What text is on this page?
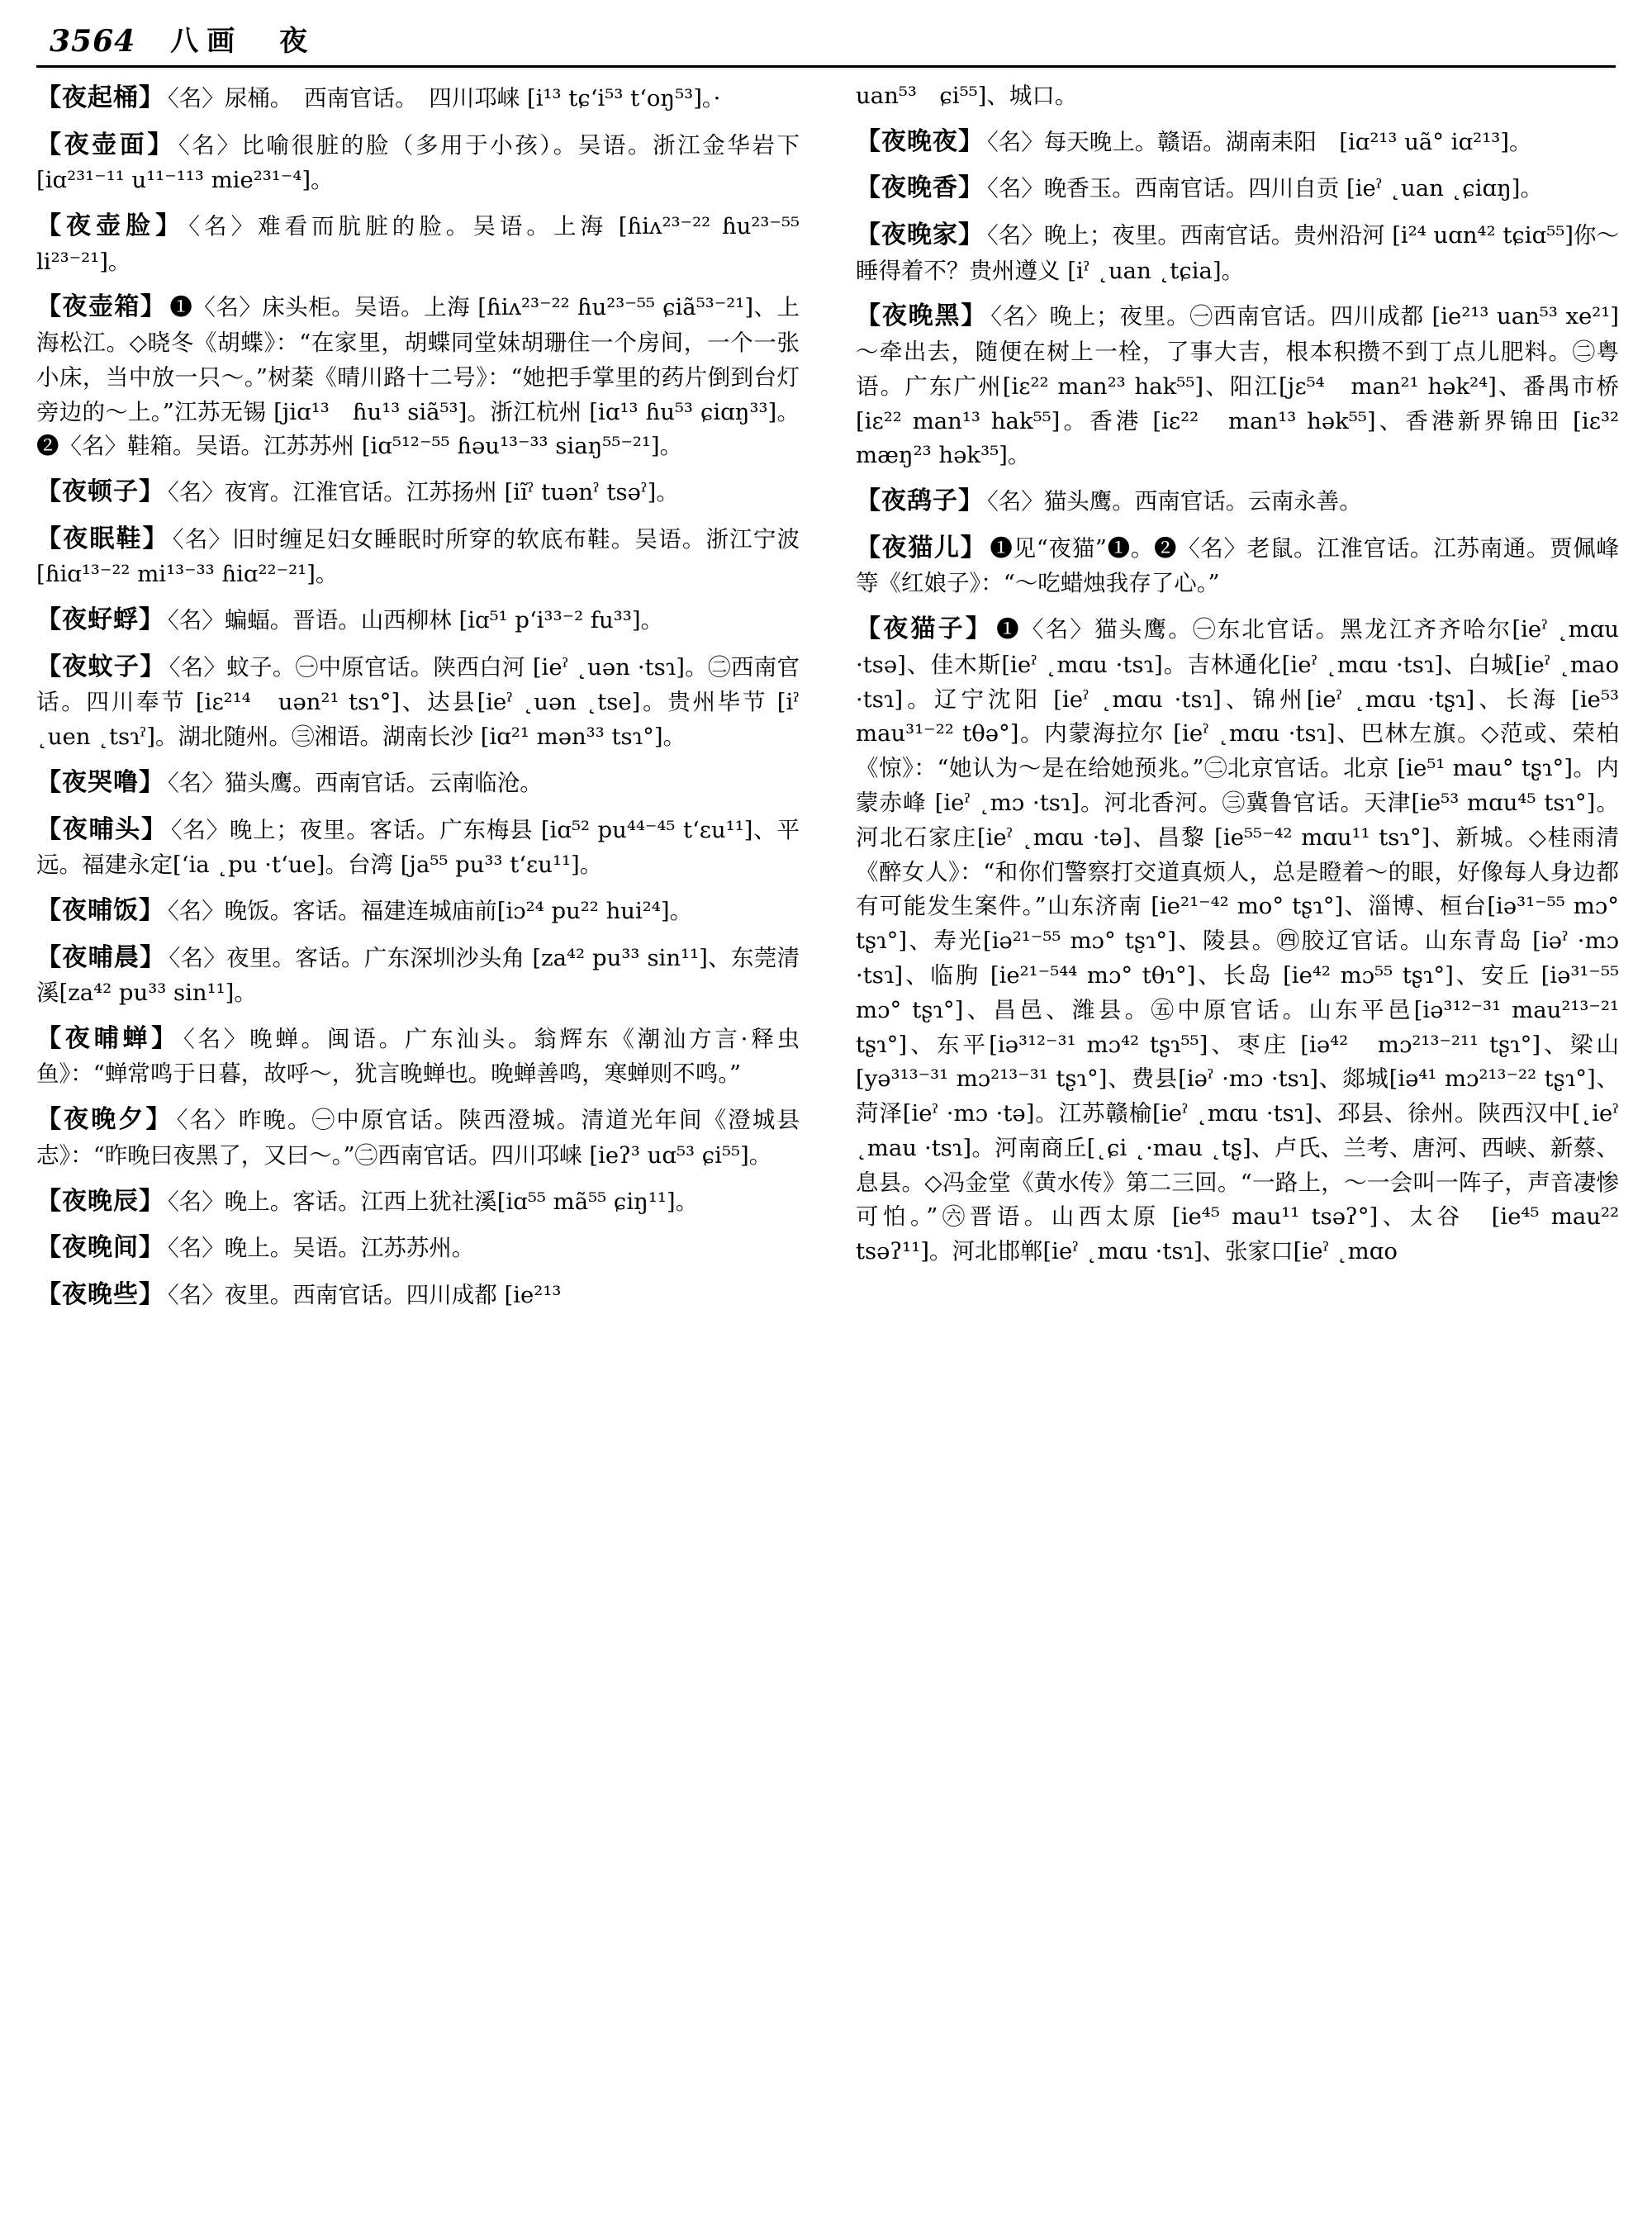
3564 八画　夜
【夜起桶】 〈名〉尿桶。　西南官话。　四川邛崃 [i¹³ tɕ‘i⁵³ t‘oŋ⁵³]。·
【夜壶面】 〈名〉比喻很脏的脸（多用于小孩）。吴语。浙江金华岩下 [iɑ²³¹⁻¹¹ u¹¹⁻¹¹³ mie²³¹⁻⁴]。
【夜壶脸】 〈名〉难看而肮脏的脸。吴语。上海 [ɦiʌ²³⁻²² ɦu²³⁻⁵⁵ li²³⁻²¹]。
【夜壶箱】 ❶〈名〉床头柜。吴语。上海 [ɦiʌ²³⁻²² ɦu²³⁻⁵⁵ ɕiã⁵³⁻²¹]、上海松江。◇晓冬《胡蝶》：“在家里，胡蝶同堂妹胡珊住一个房间，一个一张小床，当中放一只～。”树棻《晴川路十二号》：“她把手掌里的药片倒到台灯旁边的～上。”江苏无锡 [jiɑ¹³　ɦu¹³ siã⁵³]。浙江杭州 [iɑ¹³ ɦu⁵³ ɕiɑŋ³³]。❷〈名〉鞋箱。吴语。江苏苏州 [iɑ⁵¹²⁻⁵⁵ ɦəu¹³⁻³³ siaŋ⁵⁵⁻²¹]。
【夜顿子】 〈名〉夜宵。江淮官话。江苏扬州 [iĩˀ tuənˀ tsəˀ]。
【夜眠鞋】 〈名〉旧时缠足妇女睡眠时所穿的软底布鞋。吴语。浙江宁波 [ɦiɑ¹³⁻²² mi¹³⁻³³ ɦiɑ²²⁻²¹]。
【夜虸蜉】 〈名〉蝙蝠。晋语。山西柳林 [iɑ⁵¹ p‘i³³⁻² fu³³]。
【夜蚊子】 〈名〉蚊子。㊀中原官话。陕西白河 [ieˀ ˛uən ·tsɿ]。㊁西南官话。四川奉节 [iɛ²¹⁴　uən²¹ tsɿ°]、达县[ieˀ ˛uən ˛tse]。贵州毕节 [iˀ ˛uen ˛tsɿˀ]。湖北随州。㊂湘语。湖南长沙 [iɑ²¹ mən³³ tsɿ°]。
【夜哭噜】 〈名〉猫头鹰。西南官话。云南临沧。
【夜晡头】 〈名〉晚上；夜里。客话。广东梅县 [iɑ⁵² pu⁴⁴⁻⁴⁵ t‘ɛu¹¹]、平远。福建永定[‘ia ˛pu ·t‘ue]。台湾 [ja⁵⁵ pu³³ t‘ɛu¹¹]。
【夜晡饭】 〈名〉晚饭。客话。福建连城庙前[iɔ²⁴ pu²² hui²⁴]。
【夜晡晨】 〈名〉夜里。客话。广东深圳沙头角 [za⁴² pu³³ sin¹¹]、东莞清溪[za⁴² pu³³ sin¹¹]。
【夜晡蝉】 〈名〉晚蝉。闽语。广东汕头。翁辉东《潮汕方言·释虫鱼》：“蝉常鸣于日暮，故呼～，犹言晚蝉也。晚蝉善鸣，寒蝉则不鸣。”
【夜晚夕】 〈名〉昨晚。㊀中原官话。陕西澄城。清道光年间《澄城县志》：“昨晚曰夜黑了，又曰～。”㊁西南官话。四川邛崃 [ieʔ³ uɑ⁵³ ɕi⁵⁵]。
【夜晚辰】 〈名〉晚上。客话。江西上犹社溪[iɑ⁵⁵ mã⁵⁵ ɕiŋ¹¹]。
【夜晚间】 〈名〉晚上。吴语。江苏苏州。
【夜晚些】 〈名〉夜里。西南官话。四川成都 [ie²¹³
uan⁵³　ɕi⁵⁵]、城口。
【夜晚夜】 〈名〉每天晚上。赣语。湖南耒阳　[iɑ²¹³ uã° iɑ²¹³]。
【夜晚香】 〈名〉晚香玉。西南官话。四川自贡 [ieˀ ˛uan ˛ɕiɑŋ]。
【夜晚家】 〈名〉晚上；夜里。西南官话。贵州沿河 [i²⁴ uɑn⁴² tɕiɑ⁵⁵]你～睡得着不？贵州遵义 [iˀ ˛uan ˛tɕia]。
【夜晚黑】 〈名〉晚上；夜里。㊀西南官话。四川成都 [ie²¹³ uan⁵³ xe²¹]～牵出去，随便在树上一栓，了事大吉，根本积攒不到丁点儿肥料。㊁粤语。广东广州[iɛ²² man²³ hak⁵⁵]、阳江[jɛ⁵⁴　man²¹ hək²⁴]、番禺市桥[iɛ²² man¹³ hak⁵⁵]。香港 [iɛ²²　man¹³ hək⁵⁵]、香港新界锦田 [iɛ³² mæŋ²³ hək³⁵]。
【夜鸹子】 〈名〉猫头鹰。西南官话。云南永善。
【夜猫儿】 ❶见“夜猫”❶。❷〈名〉老鼠。江淮官话。江苏南通。贾佩峰等《红娘子》：“～吃蜡烛我存了心。”
【夜猫子】 ❶〈名〉猫头鹰。㊀东北官话。黑龙江齐齐哈尔[ieˀ ˛mɑu ·tsə]、佳木斯[ieˀ ˛mɑu ·tsɿ]。吉林通化[ieˀ ˛mɑu ·tsɿ]、白城[ieˀ ˛mao ·tsɿ]。辽宁沈阳 [ieˀ ˛mɑu ·tsɿ]、锦州[ieˀ ˛mɑu ·tʂɿ]、长海 [ie⁵³ mau³¹⁻²² tθə°]。内蒙海拉尔 [ieˀ ˛mɑu ·tsɿ]、巴林左旗。◇范或、荣柏《惊》：“她认为～是在给她预兆。”㊁北京官话。北京 [ie⁵¹ mau° tʂɿ°]。内蒙赤峰 [ieˀ ˛mɔ ·tsɿ]。河北香河。㊂冀鲁官话。天津[ie⁵³ mɑu⁴⁵ tsɿ°]。河北石家庄[ieˀ ˛mɑu ·tə]、昌黎 [ie⁵⁵⁻⁴² mɑu¹¹ tsɿ°]、新城。◇桂雨清《醉女人》：“和你们警察打交道真烦人，总是瞪着～的眼，好像每人身边都有可能发生案件。”山东济南 [ie²¹⁻⁴² mo° tʂɿ°]、淄博、桓台[iə³¹⁻⁵⁵ mɔ° tʂɿ°]、寿光[iə²¹⁻⁵⁵ mɔ° tʂɿ°]、陵县。㊃胶辽官话。山东青岛 [iəˀ ·mɔ ·tsɿ]、临朐 [ie²¹⁻⁵⁴⁴ mɔ° tθɿ°]、长岛 [ie⁴² mɔ⁵⁵ tʂɿ°]、安丘 [iə³¹⁻⁵⁵ mɔ° tʂɿ°]、昌邑、潍县。㊄中原官话。山东平邑[iə³¹²⁻³¹ mau²¹³⁻²¹ tʂɿ°]、东平[iə³¹²⁻³¹ mɔ⁴² tʂɿ⁵⁵]、枣庄 [iə⁴²　mɔ²¹³⁻²¹¹ tʂɿ°]、梁山 [yə³¹³⁻³¹ mɔ²¹³⁻³¹ tʂɿ°]、费县[iəˀ ·mɔ ·tsɿ]、郯城[iə⁴¹ mɔ²¹³⁻²² tʂɿ°]、菏泽[ieˀ ·mɔ ·tə]。江苏赣榆[ieˀ ˛mɑu ·tsɿ]、邳县、徐州。陕西汉中[˛ieˀ ˛mau ·tsɿ]。河南商丘[˛ɕi ˛·mau ˛tʂ]、卢氏、兰考、唐河、西峡、新蔡、息县。◇冯金堂《黄水传》第二三回。“一路上，～一会叫一阵子，声音凄惨可怕。”㊅晋语。山西太原 [ie⁴⁵ mau¹¹ tsəʔ°]、太谷　[ie⁴⁵ mau²² tsəʔ¹¹]。河北邯郸[ieˀ ˛mɑu ·tsɿ]、张家口[ieˀ ˛mɑo
